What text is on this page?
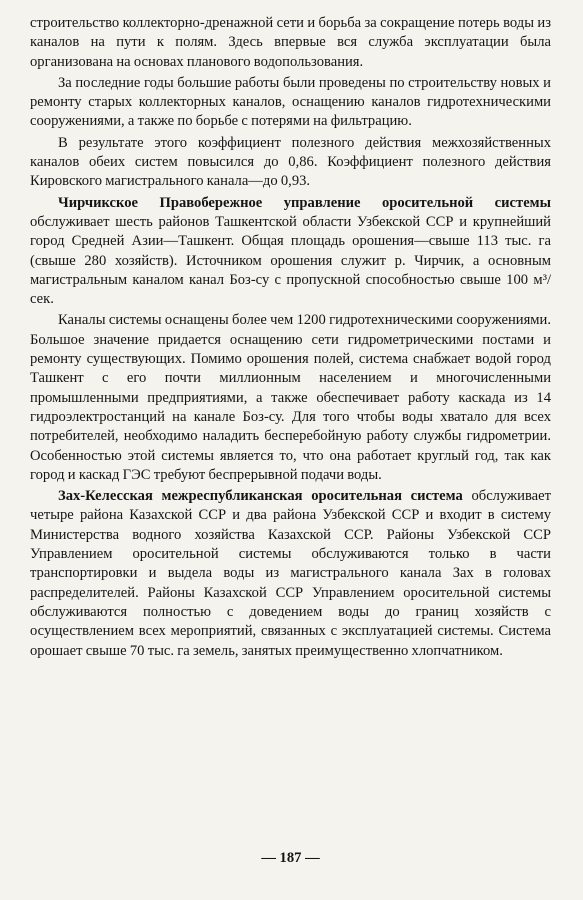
строительство коллекторно-дренажной сети и борьба за сокращение потерь воды из каналов на пути к полям. Здесь впервые вся служба эксплуатации была организована на основах планового водопользования.

За последние годы большие работы были проведены по строительству новых и ремонту старых коллекторных каналов, оснащению каналов гидротехническими сооружениями, а также по борьбе с потерями на фильтрацию.

В результате этого коэффициент полезного действия межхозяйственных каналов обеих систем повысился до 0,86. Коэффициент полезного действия Кировского магистрального канала—до 0,93.

Чирчикское Правобережное управление оросительной системы обслуживает шесть районов Ташкентской области Узбекской ССР и крупнейший город Средней Азии—Ташкент. Общая площадь орошения—свыше 113 тыс. га (свыше 280 хозяйств). Источником орошения служит р. Чирчик, а основным магистральным каналом канал Боз-су с пропускной способностью свыше 100 м³/сек.

Каналы системы оснащены более чем 1200 гидротехническими сооружениями. Большое значение придается оснащению сети гидрометрическими постами и ремонту существующих. Помимо орошения полей, система снабжает водой город Ташкент с его почти миллионным населением и многочисленными промышленными предприятиями, а также обеспечивает работу каскада из 14 гидроэлектростанций на канале Боз-су. Для того чтобы воды хватало для всех потребителей, необходимо наладить бесперебойную работу службы гидрометрии. Особенностью этой системы является то, что она работает круглый год, так как город и каскад ГЭС требуют беспрерывной подачи воды.

Зах-Келесская межреспубликанская оросительная система обслуживает четыре района Казахской ССР и два района Узбекской ССР и входит в систему Министерства водного хозяйства Казахской ССР. Районы Узбекской ССР Управлением оросительной системы обслуживаются только в части транспортировки и выдела воды из магистрального канала Зах в головах распределителей. Районы Казахской ССР Управлением оросительной системы обслуживаются полностью с доведением воды до границ хозяйств с осуществлением всех мероприятий, связанных с эксплуатацией системы. Система орошает свыше 70 тыс. га земель, занятых преимущественно хлопчатником.

— 187 —
